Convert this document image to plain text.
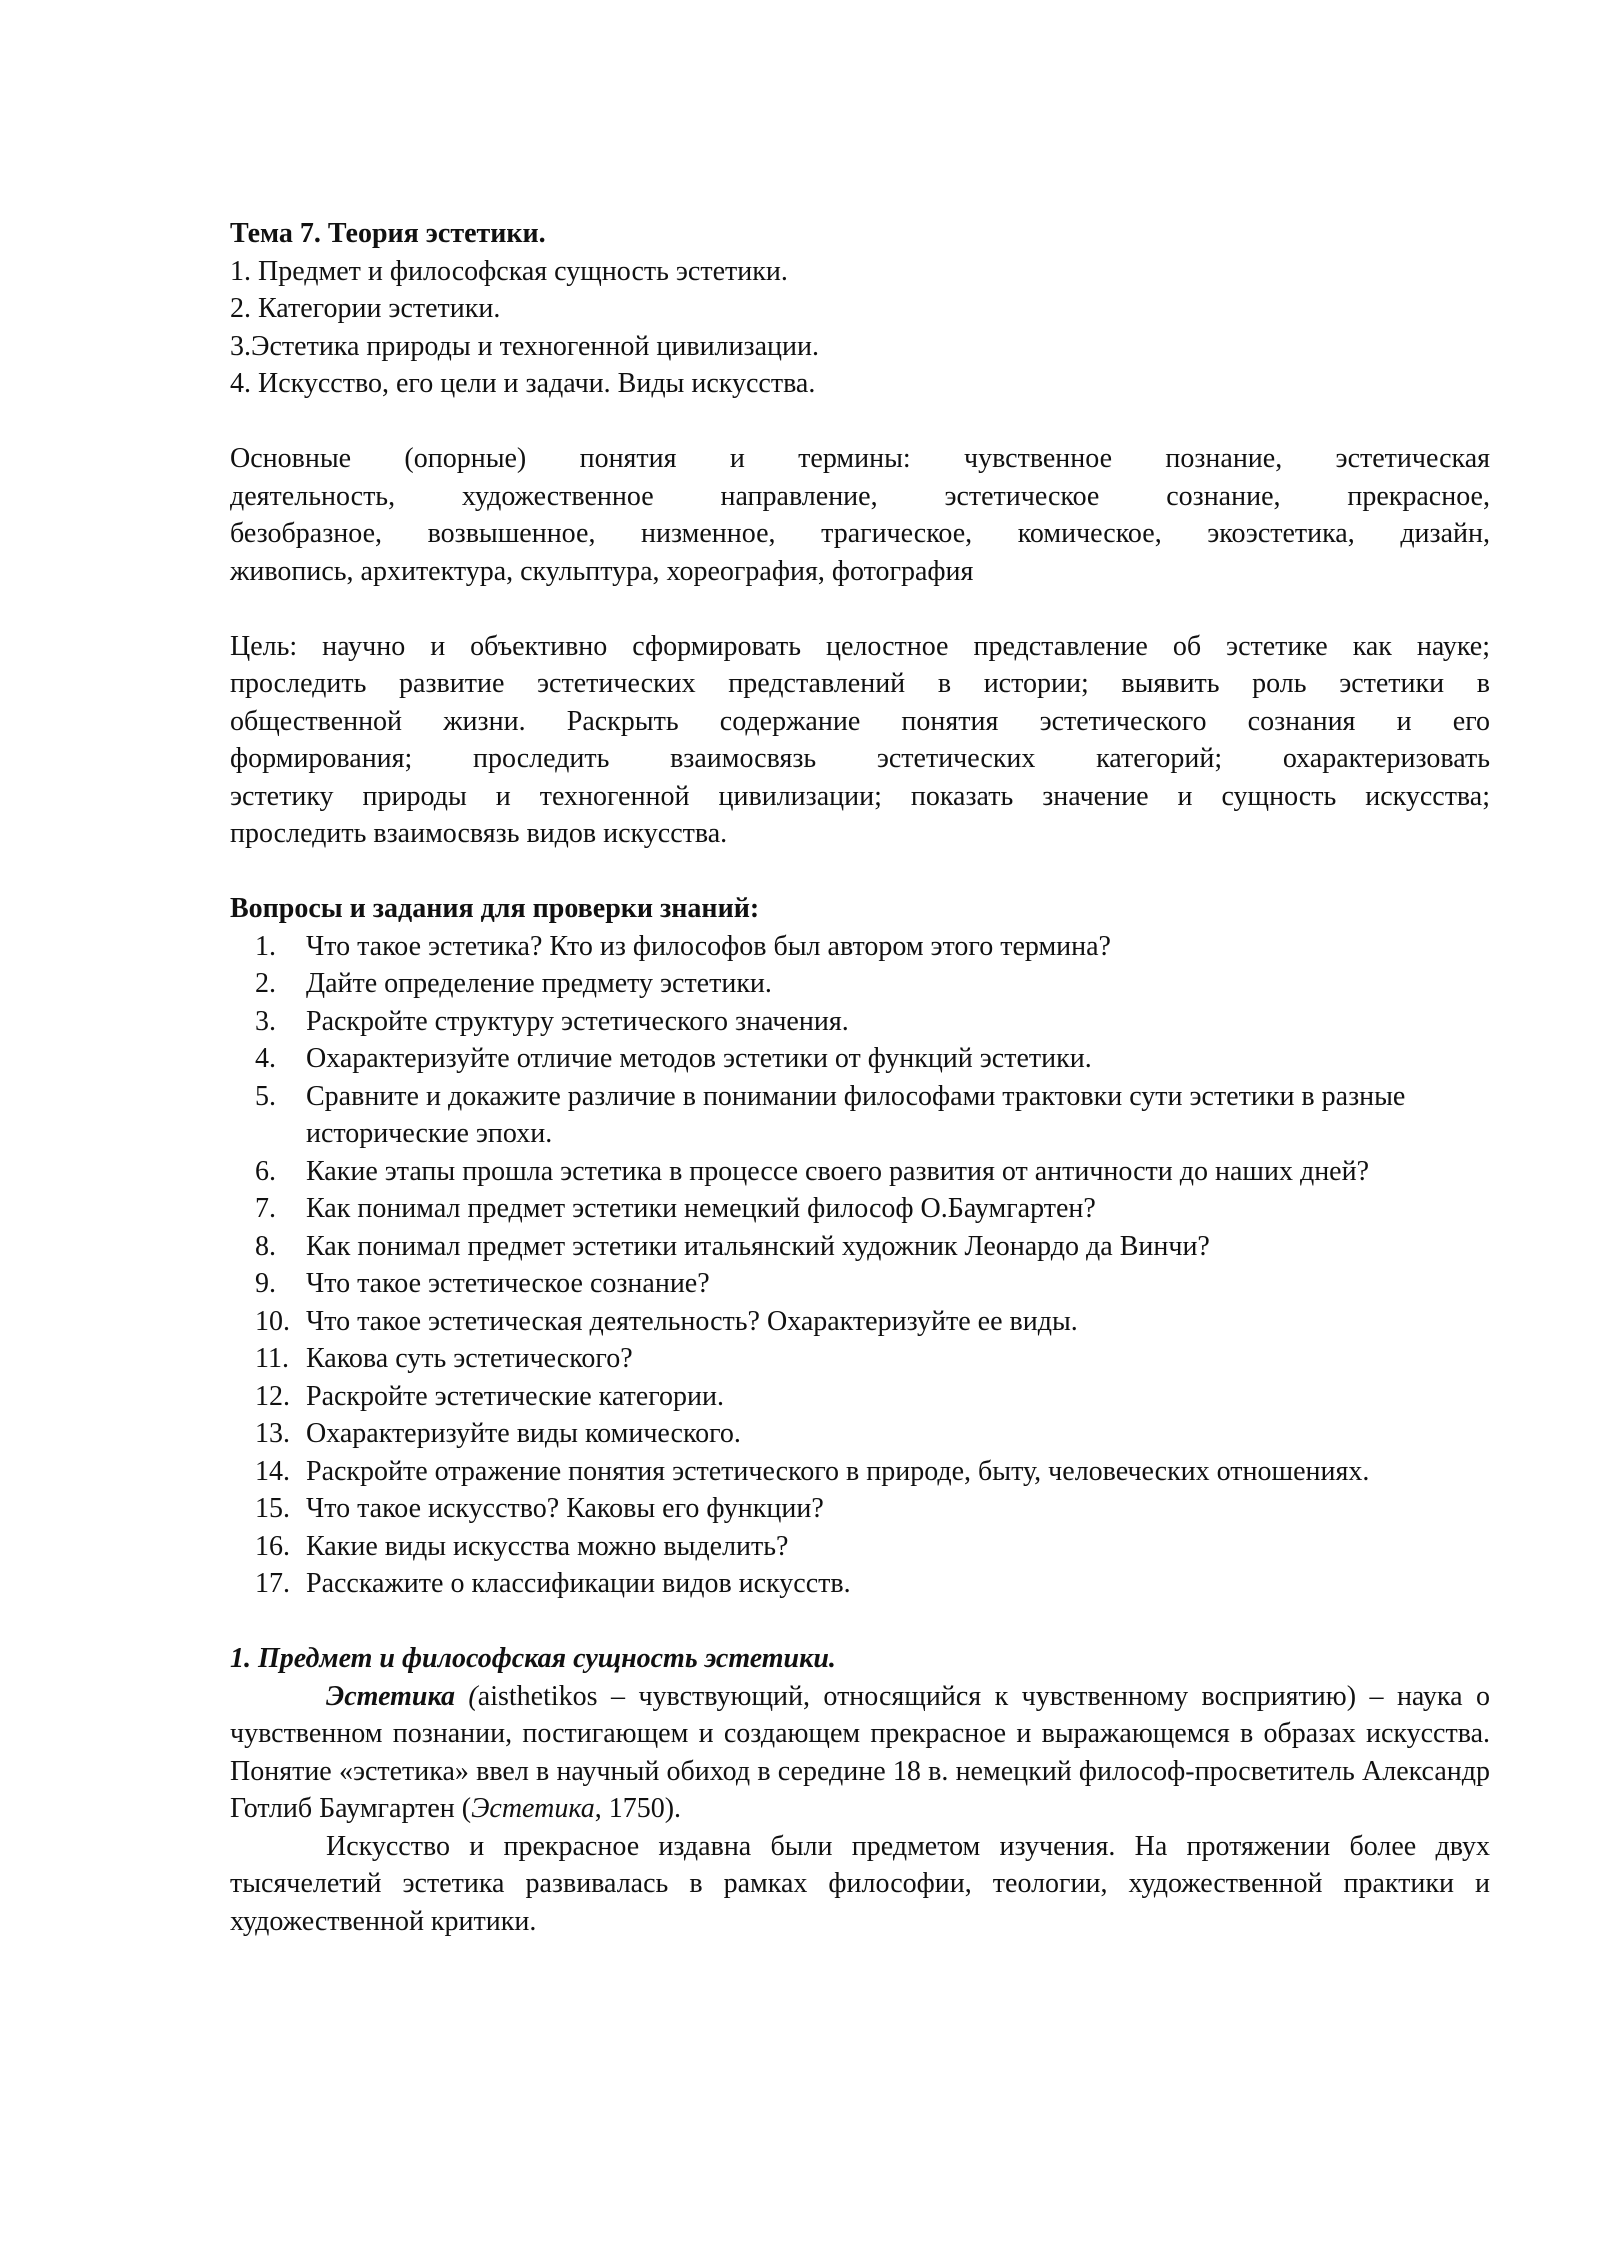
Тема 7. Теория эстетики.

1. Предмет и философская сущность эстетики.

2. Категории эстетики.

3.Эстетика природы и техногенной цивилизации.

4. Искусство, его цели и задачи. Виды искусства.

Основные (опорные) понятия и термины: чувственное познание, эстетическая

деятельность, художественное направление, эстетическое сознание, прекрасное,

безобразное, возвышенное, низменное, трагическое, комическое, экоэстетика, дизайн,

живопись, архитектура, скульптура, хореография, фотография

Цель: научно и объективно сформировать целостное представление об эстетике как науке;

проследить развитие эстетических представлений в истории; выявить роль эстетики в

общественной жизни. Раскрыть содержание понятия эстетического сознания и его

формирования; проследить взаимосвязь эстетических категорий; охарактеризовать

эстетику природы и техногенной цивилизации; показать значение и сущность искусства;

проследить взаимосвязь видов искусства.

Вопросы и задания для проверки знаний:

1.	Что такое эстетика? Кто из философов был автором этого термина?
2.	Дайте определение предмету эстетики.
3.	Раскройте структуру эстетического значения.
4.	Охарактеризуйте отличие методов эстетики от функций эстетики.
5.	Сравните и докажите различие в понимании философами трактовки сути эстетики в разные исторические эпохи.
6.	Какие этапы прошла эстетика в процессе своего развития от античности до наших дней?
7.	Как понимал предмет эстетики немецкий философ О.Баумгартен?
8.	Как понимал предмет эстетики итальянский художник Леонардо да Винчи?
9.	Что такое эстетическое сознание?
10. Что такое эстетическая деятельность? Охарактеризуйте ее виды.
11. Какова суть эстетического?
12. Раскройте эстетические категории.
13. Охарактеризуйте виды комического.
14. Раскройте отражение понятия эстетического в природе, быту, человеческих отношениях.
15. Что такое искусство? Каковы его функции?
16. Какие виды искусства можно выделить?
17. Расскажите о классификации видов искусств.

1. Предмет и философская сущность эстетики.

Эстетика (aisthetikos – чувствующий, относящийся к чувственному восприятию) – наука о чувственном познании, постигающем и создающем прекрасное и выражающемся в образах искусства. Понятие «эстетика» ввел в научный обиход в середине 18 в. немецкий философ-просветитель Александр Готлиб Баумгартен (Эстетика, 1750).

Искусство и прекрасное издавна были предметом изучения. На протяжении более двух тысячелетий эстетика развивалась в рамках философии, теологии, художественной практики и художественной критики.
